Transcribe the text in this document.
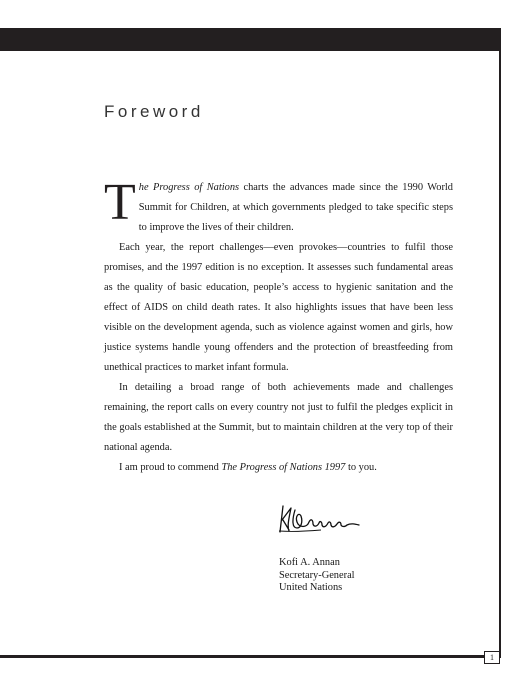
Foreword

The Progress of Nations charts the advances made since the 1990 World Summit for Children, at which governments pledged to take specific steps to improve the lives of their children.

Each year, the report challenges—even provokes—countries to fulfil those promises, and the 1997 edition is no exception. It assesses such fundamental areas as the quality of basic education, people’s access to hygienic sanitation and the effect of AIDS on child death rates. It also highlights issues that have been less visible on the development agenda, such as violence against women and girls, how justice systems handle young offenders and the protection of breastfeeding from unethical practices to market infant formula.

In detailing a broad range of both achievements made and challenges remaining, the report calls on every country not just to fulfil the pledges explicit in the goals established at the Summit, but to maintain children at the very top of their national agenda.

I am proud to commend The Progress of Nations 1997 to you.

Kofi A. Annan
Secretary-General
United Nations
1
